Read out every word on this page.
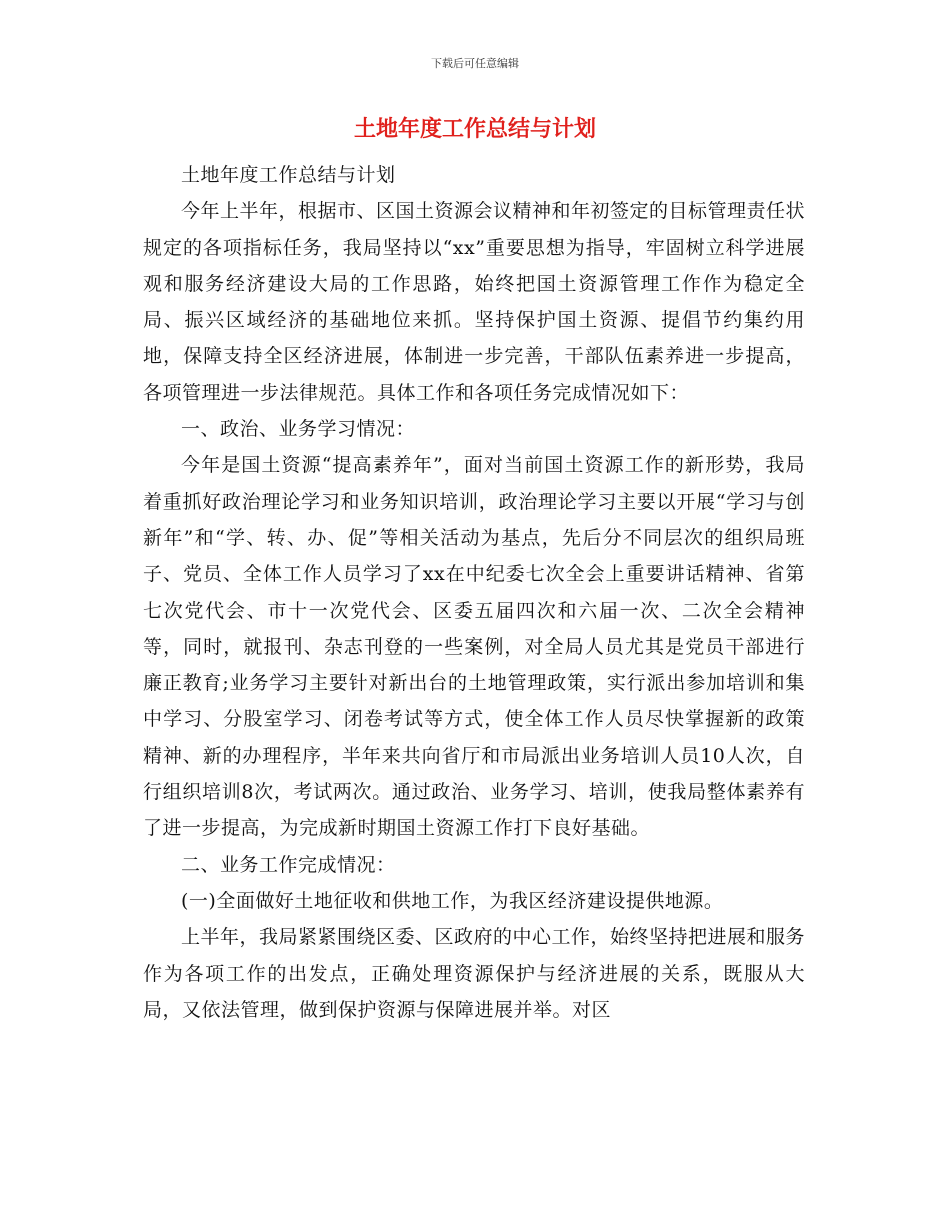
下载后可任意编辑
土地年度工作总结与计划

土地年度工作总结与计划

今年上半年，根据市、区国土资源会议精神和年初签定的目标管理责任状规定的各项指标任务，我局坚持以“xx”重要思想为指导，牢固树立科学进展观和服务经济建设大局的工作思路，始终把国土资源管理工作作为稳定全局、振兴区域经济的基础地位来抓。坚持保护国土资源、提倡节约集约用地，保障支持全区经济进展，体制进一步完善，干部队伍素养进一步提高，各项管理进一步法律规范。具体工作和各项任务完成情况如下：

一、政治、业务学习情况：

今年是国土资源“提高素养年”，面对当前国土资源工作的新形势，我局着重抓好政治理论学习和业务知识培训，政治理论学习主要以开展“学习与创新年”和“学、转、办、促”等相关活动为基点，先后分不同层次的组织局班子、党员、全体工作人员学习了xx在中纪委七次全会上重要讲话精神、省第七次党代会、市十一次党代会、区委五届四次和六届一次、二次全会精神等，同时，就报刊、杂志刊登的一些案例，对全局人员尤其是党员干部进行廉正教育;业务学习主要针对新出台的土地管理政策，实行派出参加培训和集中学习、分股室学习、闭卷考试等方式，使全体工作人员尽快掌握新的政策精神、新的办理程序，半年来共向省厅和市局派出业务培训人员10人次，自行组织培训8次，考试两次。通过政治、业务学习、培训，使我局整体素养有了进一步提高，为完成新时期国土资源工作打下良好基础。

二、业务工作完成情况：

(一)全面做好土地征收和供地工作，为我区经济建设提供地源。

上半年，我局紧紧围绕区委、区政府的中心工作，始终坚持把进展和服务作为各项工作的出发点，正确处理资源保护与经济进展的关系，既服从大局，又依法管理，做到保护资源与保障进展并举。对区
